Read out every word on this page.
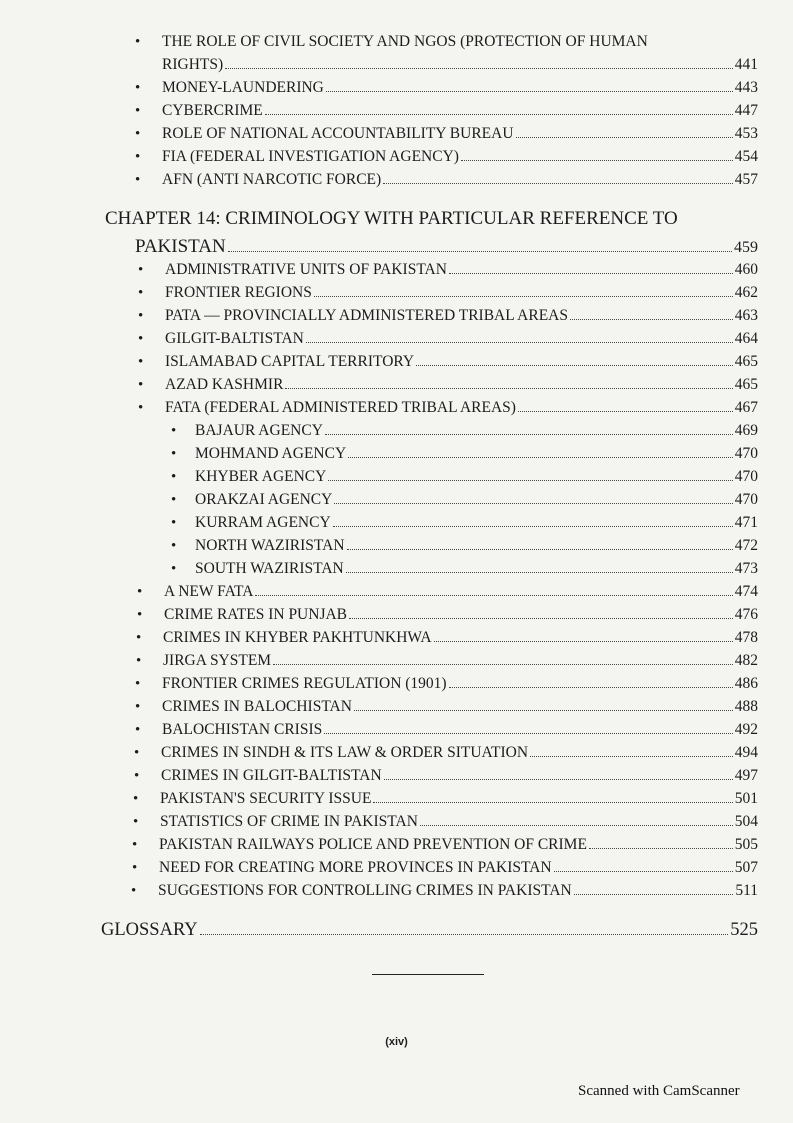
• THE ROLE OF CIVIL SOCIETY AND NGOS (PROTECTION OF HUMAN
RIGHTS)	441
• MONEY-LAUNDERING	443
• CYBERCRIME	447
• ROLE OF NATIONAL ACCOUNTABILITY BUREAU	453
• FIA (FEDERAL INVESTIGATION AGENCY)	454
• AFN (ANTI NARCOTIC FORCE)	457
CHAPTER 14: CRIMINOLOGY WITH PARTICULAR REFERENCE TO
PAKISTAN	459
• ADMINISTRATIVE UNITS OF PAKISTAN	460
• FRONTIER REGIONS	462
• PATA — PROVINCIALLY ADMINISTERED TRIBAL AREAS	463
• GILGIT-BALTISTAN	464
• ISLAMABAD CAPITAL TERRITORY	465
• AZAD KASHMIR	465
• FATA (FEDERAL ADMINISTERED TRIBAL AREAS)	467
• BAJAUR AGENCY	469
• MOHMAND AGENCY	470
• KHYBER AGENCY	470
• ORAKZAI AGENCY	470
• KURRAM AGENCY	471
• NORTH WAZIRISTAN	472
• SOUTH WAZIRISTAN	473
• A NEW FATA	474
• CRIME RATES IN PUNJAB	476
• CRIMES IN KHYBER PAKHTUNKHWA	478
• JIRGA SYSTEM	482
• FRONTIER CRIMES REGULATION (1901)	486
• CRIMES IN BALOCHISTAN	488
• BALOCHISTAN CRISIS	492
• CRIMES IN SINDH & ITS LAW & ORDER SITUATION	494
• CRIMES IN GILGIT-BALTISTAN	497
• PAKISTAN'S SECURITY ISSUE	501
• STATISTICS OF CRIME IN PAKISTAN	504
• PAKISTAN RAILWAYS POLICE AND PREVENTION OF CRIME	505
• NEED FOR CREATING MORE PROVINCES IN PAKISTAN	507
• SUGGESTIONS FOR CONTROLLING CRIMES IN PAKISTAN	511
GLOSSARY	525
(xiv)
Scanned with CamScanner
